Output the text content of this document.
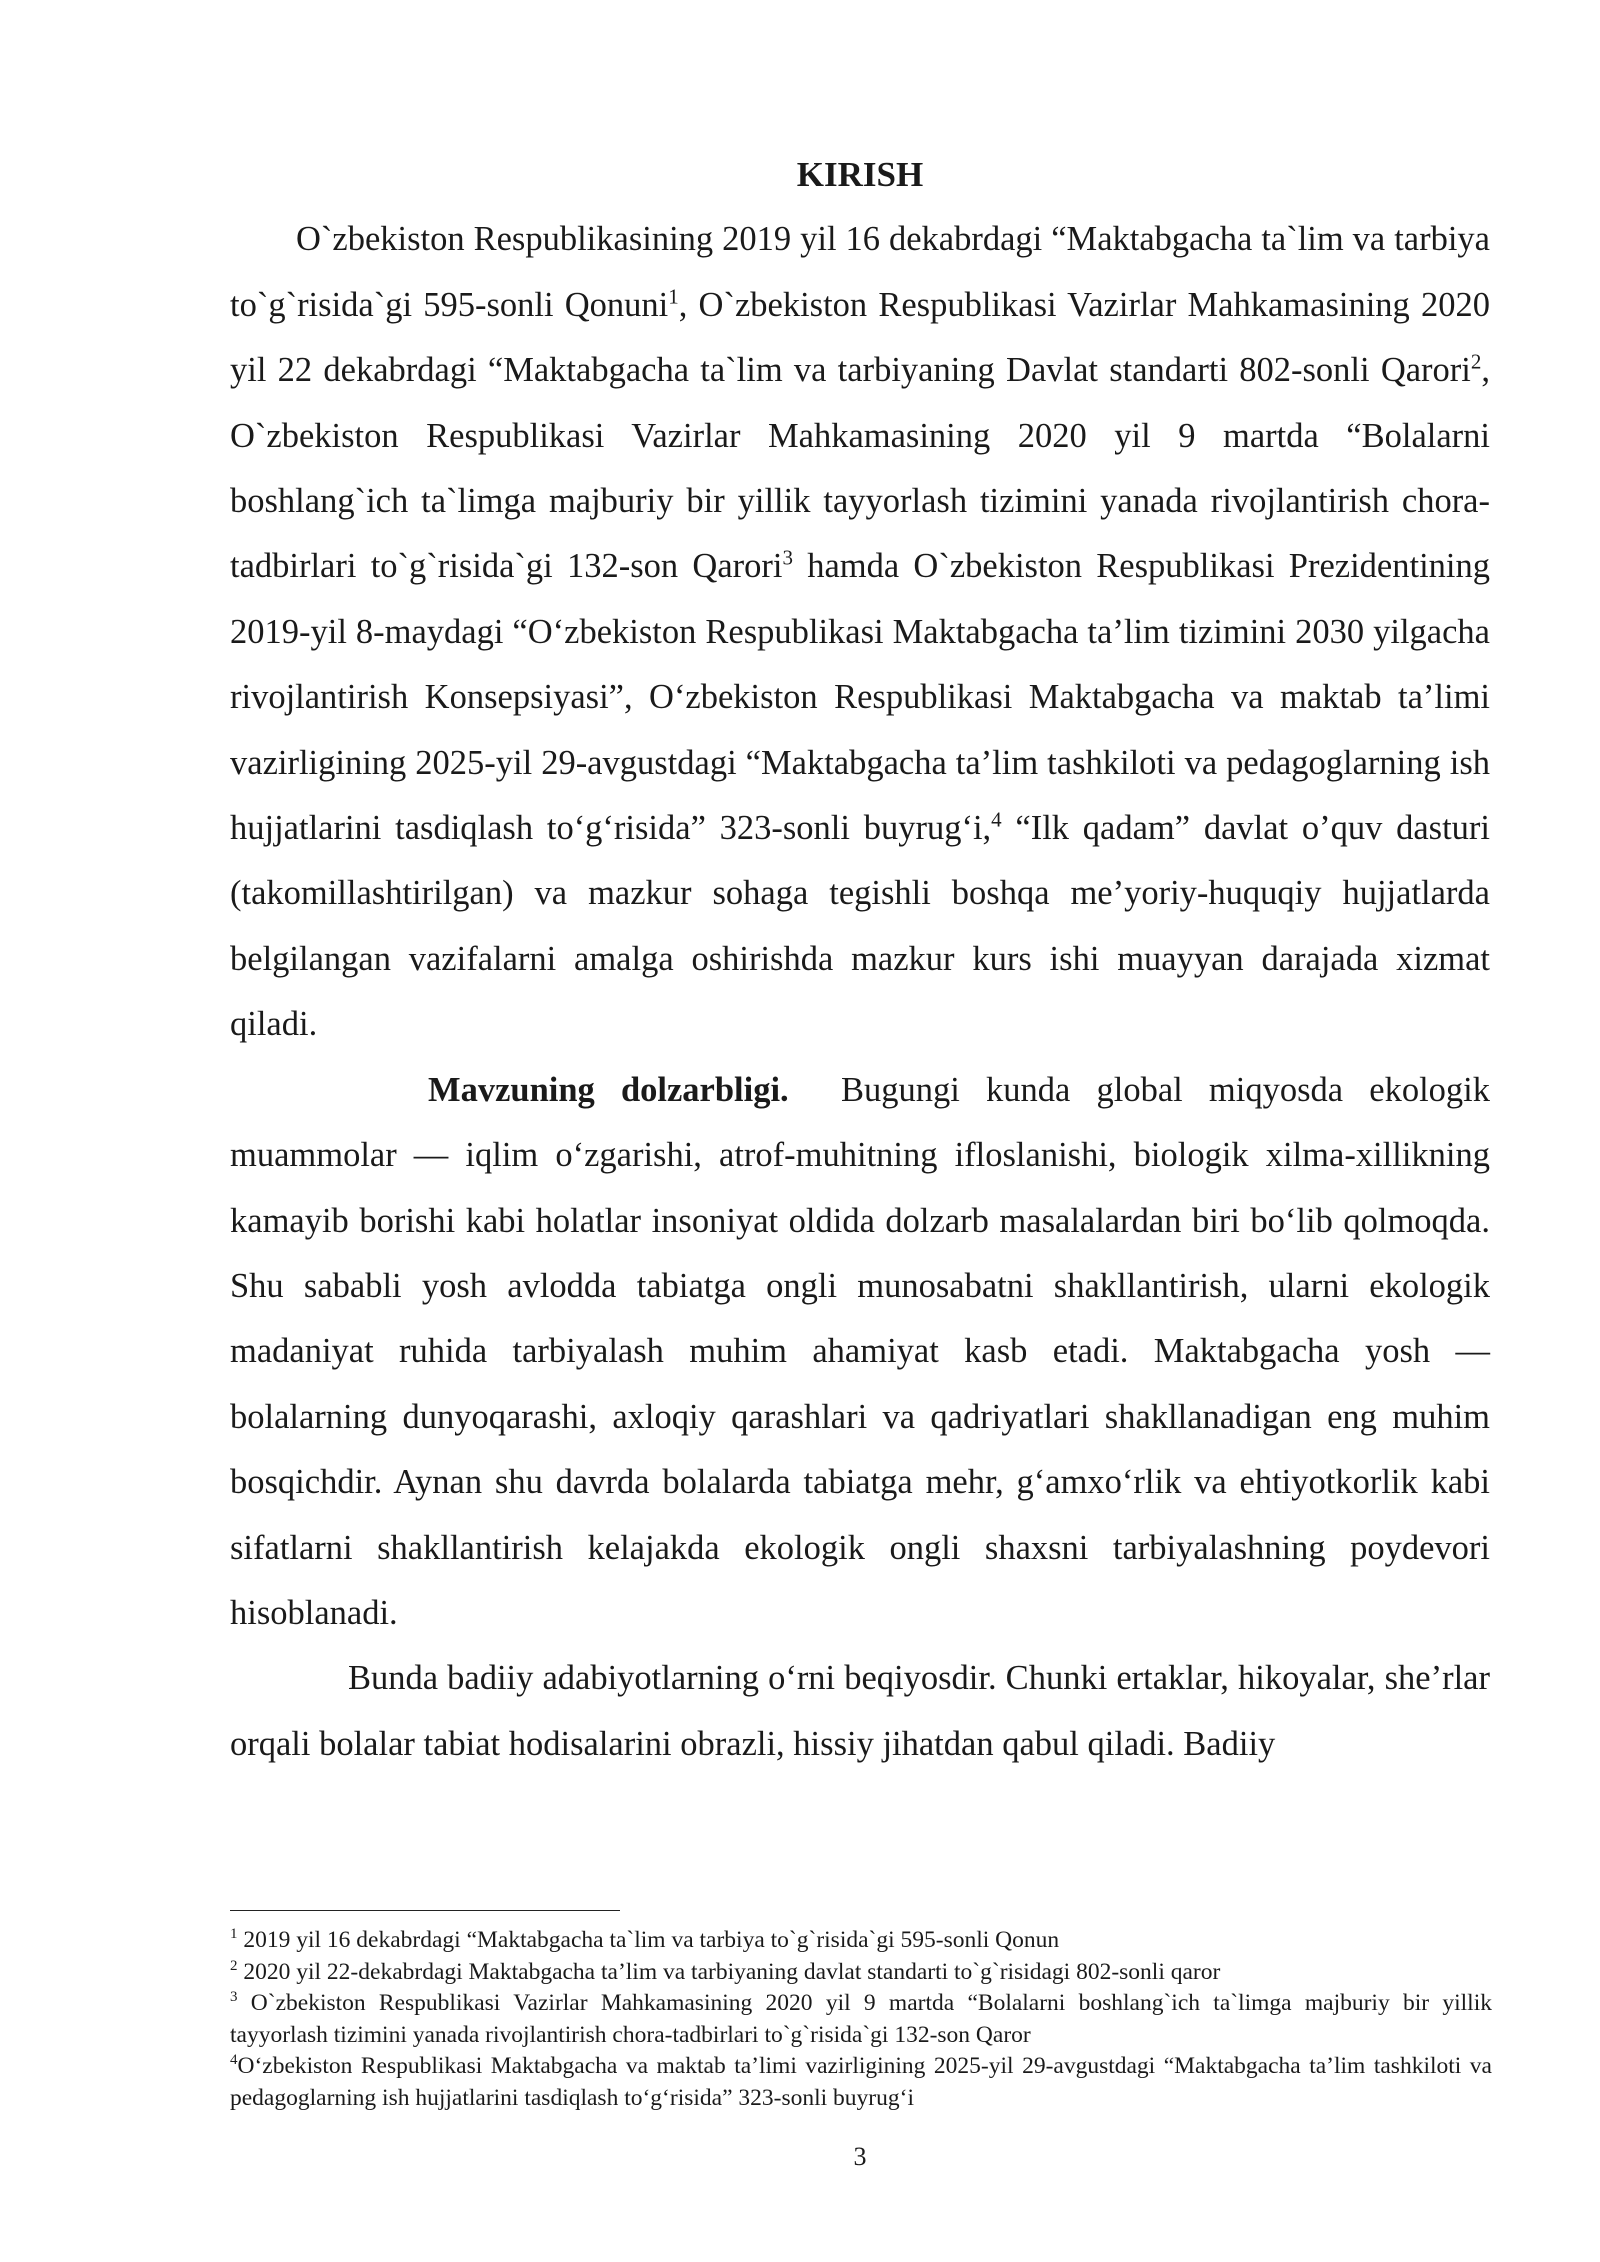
KIRISH

O`zbekiston Respublikasining 2019 yil 16 dekabrdagi “Maktabgacha ta`lim va tarbiya to`g`risida`gi 595-sonli Qonuni$^1$, O`zbekiston Respublikasi Vazirlar Mahkamasining 2020 yil 22 dekabrdagi “Maktabgacha ta`lim va tarbiyaning Davlat standarti 802-sonli Qarori$^2$, O`zbekiston Respublikasi Vazirlar Mahkamasining 2020 yil 9 martda “Bolalarni boshlang`ich ta`limga majburiy bir yillik tayyorlash tizimini yanada rivojlantirish chora-tadbirlari to`g`risida`gi 132-son Qarori$^3$ hamda O`zbekiston Respublikasi Prezidentining 2019-yil 8-maydagi “O‘zbekiston Respublikasi Maktabgacha ta’lim tizimini 2030 yilgacha rivojlantirish Konsepsiyasi”, O‘zbekiston Respublikasi Maktabgacha va maktab ta’limi vazirligining 2025-yil 29-avgustdagi “Maktabgacha ta’lim tashkiloti va pedagoglarning ish hujjatlarini tasdiqlash to‘g‘risida” 323-sonli buyrug‘i,$^4$ “Ilk qadam” davlat o’quv dasturi (takomillashtirilgan) va mazkur sohaga tegishli boshqa me’yoriy-huquqiy hujjatlarda belgilangan vazifalarni amalga oshirishda mazkur kurs ishi muayyan darajada xizmat qiladi.

Mavzuning dolzarbligi.  Bugungi kunda global miqyosda ekologik muammolar — iqlim o‘zgarishi, atrof-muhitning ifloslanishi, biologik xilma-xillikning kamayib borishi kabi holatlar insoniyat oldida dolzarb masalalardan biri bo‘lib qolmoqda. Shu sababli yosh avlodda tabiatga ongli munosabatni shakllantirish, ularni ekologik madaniyat ruhida tarbiyalash muhim ahamiyat kasb etadi. Maktabgacha yosh — bolalarning dunyoqarashi, axloqiy qarashlari va qadriyatlari shakllanadigan eng muhim bosqichdir. Aynan shu davrda bolalarda tabiatga mehr, g‘amxo‘rlik va ehtiyotkorlik kabi sifatlarni shakllantirish kelajakda ekologik ongli shaxsni tarbiyalashning poydevori hisoblanadi.

Bunda badiiy adabiyotlarning o‘rni beqiyosdir. Chunki ertaklar, hikoyalar, she’rlar orqali bolalar tabiat hodisalarini obrazli, hissiy jihatdan qabul qiladi. Badiiy

$^1$ 2019 yil 16 dekabrdagi “Maktabgacha ta`lim va tarbiya to`g`risida`gi 595-sonli Qonun

$^2$ 2020 yil 22-dekabrdagi Maktabgacha ta’lim va tarbiyaning davlat standarti to`g`risidagi 802-sonli qaror

$^3$ O`zbekiston Respublikasi Vazirlar Mahkamasining 2020 yil 9 martda “Bolalarni boshlang`ich ta`limga majburiy bir yillik tayyorlash tizimini yanada rivojlantirish chora-tadbirlari to`g`risida`gi 132-son Qaror

$^4$O‘zbekiston Respublikasi Maktabgacha va maktab ta’limi vazirligining 2025-yil 29-avgustdagi “Maktabgacha ta’lim tashkiloti va pedagoglarning ish hujjatlarini tasdiqlash to‘g‘risida” 323-sonli buyrug‘i

3
